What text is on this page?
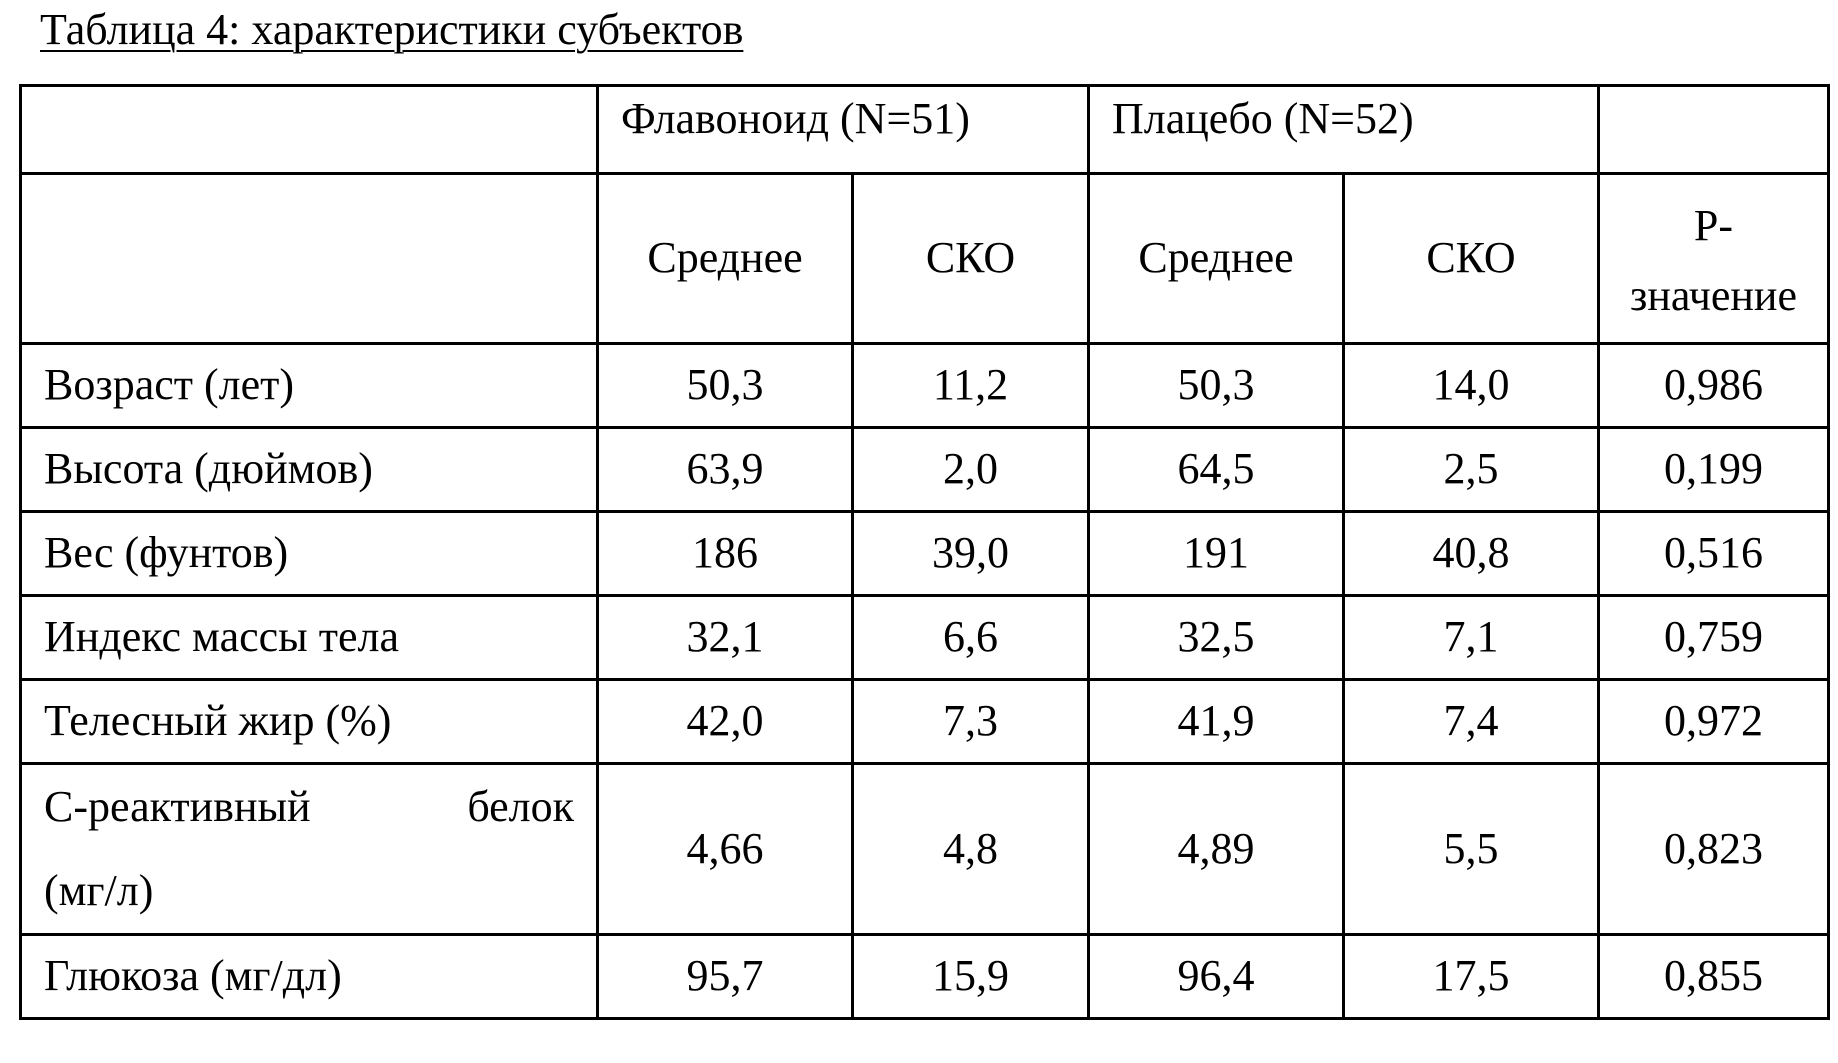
Таблица 4: характеристики субъектов
	Флавоноид (N=51)		Плацебо (N=52)		
	Среднее	СКО	Среднее	СКО	P-
значение
Возраст (лет)	50,3	11,2	50,3	14,0	0,986
Высота (дюймов)	63,9	2,0	64,5	2,5	0,199
Вес (фунтов)	186	39,0	191	40,8	0,516
Индекс массы тела	32,1	6,6	32,5	7,1	0,759
Телесный жир (%)	42,0	7,3	41,9	7,4	0,972

С-реактивный белок
(мг/л)	4,66	4,8	4,89	5,5	0,823
Глюкоза (мг/дл)	95,7	15,9	96,4	17,5	0,855
